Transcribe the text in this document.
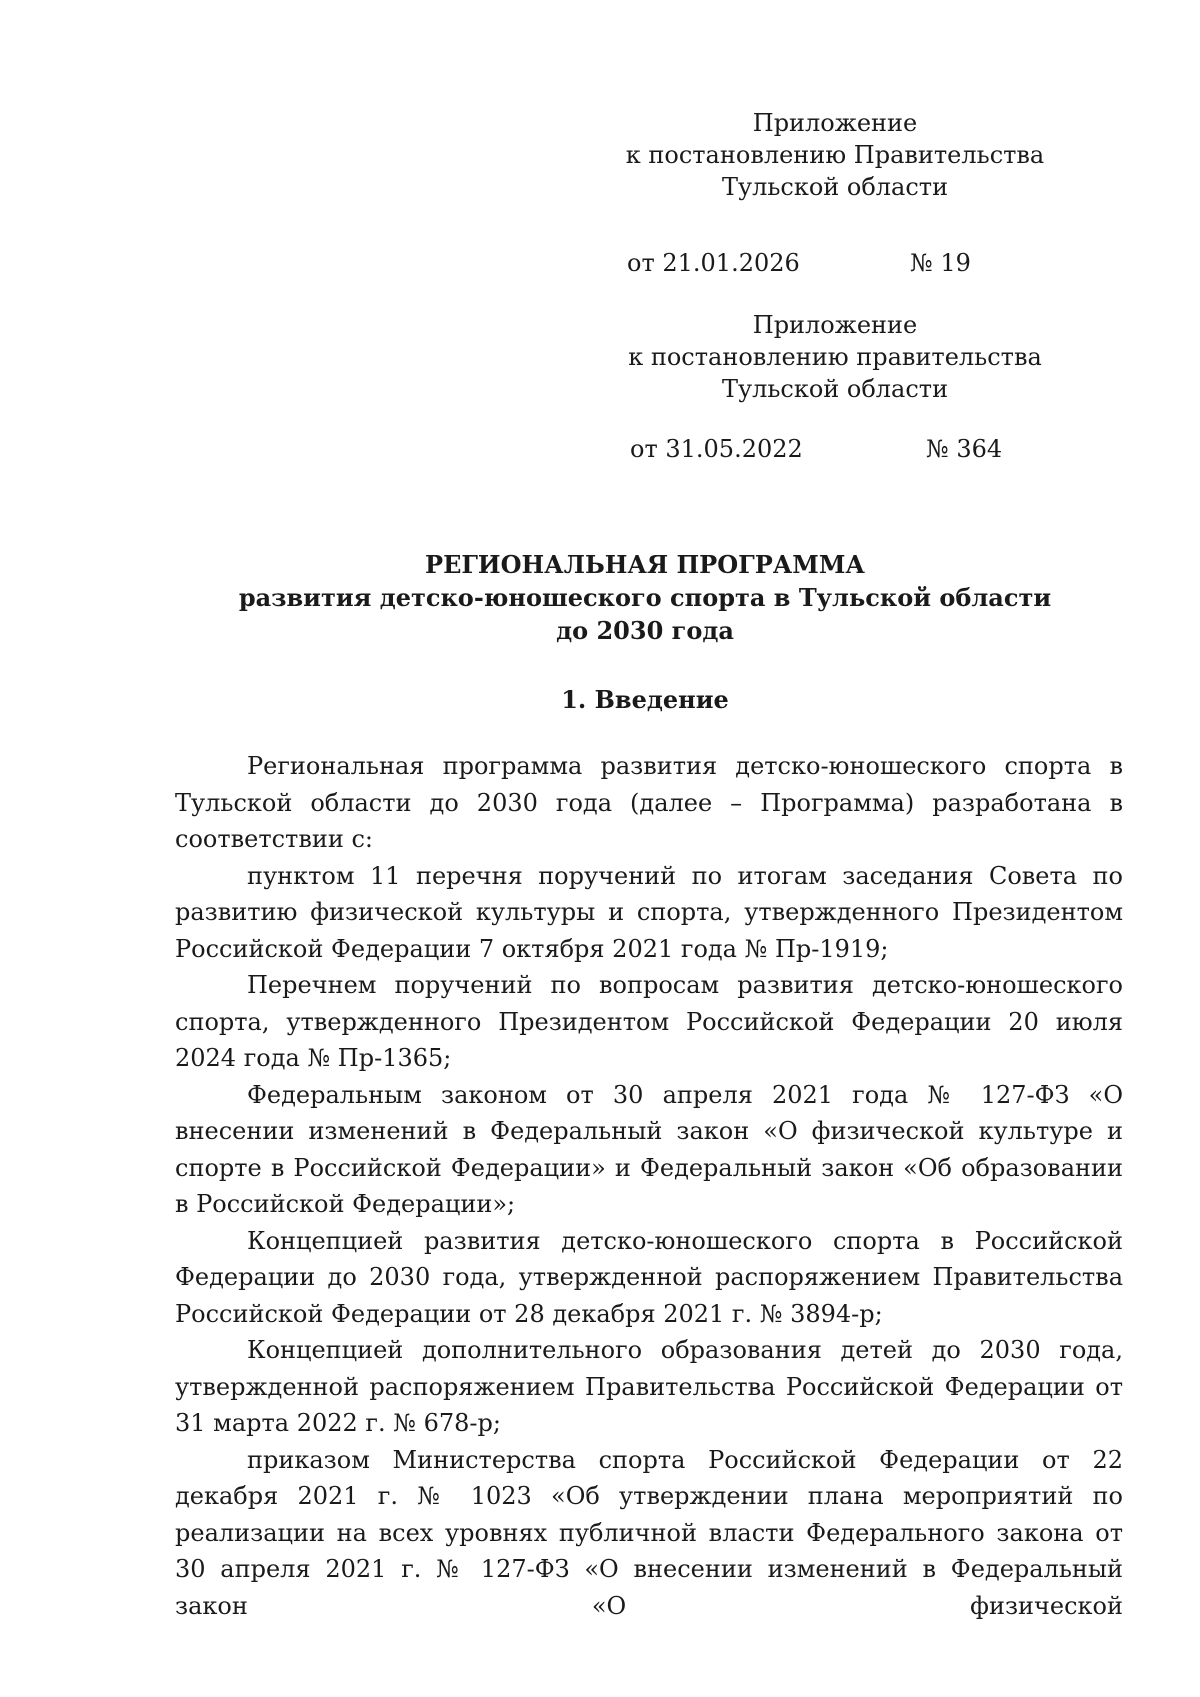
Приложение
к постановлению Правительства
Тульской области
от 21.01.2026	№ 19
Приложение
к постановлению правительства
Тульской области
от 31.05.2022	№ 364
РЕГИОНАЛЬНАЯ ПРОГРАММА
развития детско-юношеского спорта в Тульской области
до 2030 года
1. Введение

Региональная программа развития детско-юношеского спорта в Тульской области до 2030 года (далее – Программа) разработана в соответствии с:

пунктом 11 перечня поручений по итогам заседания Совета по развитию физической культуры и спорта, утвержденного Президентом Российской Федерации 7 октября 2021 года № Пр-1919;

Перечнем поручений по вопросам развития детско-юношеского спорта, утвержденного Президентом Российской Федерации 20 июля 2024 года № Пр-1365;

Федеральным законом от 30 апреля 2021 года № 127-ФЗ «О внесении изменений в Федеральный закон «О физической культуре и спорте в Российской Федерации» и Федеральный закон «Об образовании в Российской Федерации»;

Концепцией развития детско-юношеского спорта в Российской Федерации до 2030 года, утвержденной распоряжением Правительства Российской Федерации от 28 декабря 2021 г. № 3894-р;

Концепцией дополнительного образования детей до 2030 года, утвержденной распоряжением Правительства Российской Федерации от 31 марта 2022 г. № 678-р;

приказом Министерства спорта Российской Федерации от 22 декабря 2021 г. № 1023 «Об утверждении плана мероприятий по реализации на всех уровнях публичной власти Федерального закона от 30 апреля 2021 г. № 127-ФЗ «О внесении изменений в Федеральный закон «О физической
